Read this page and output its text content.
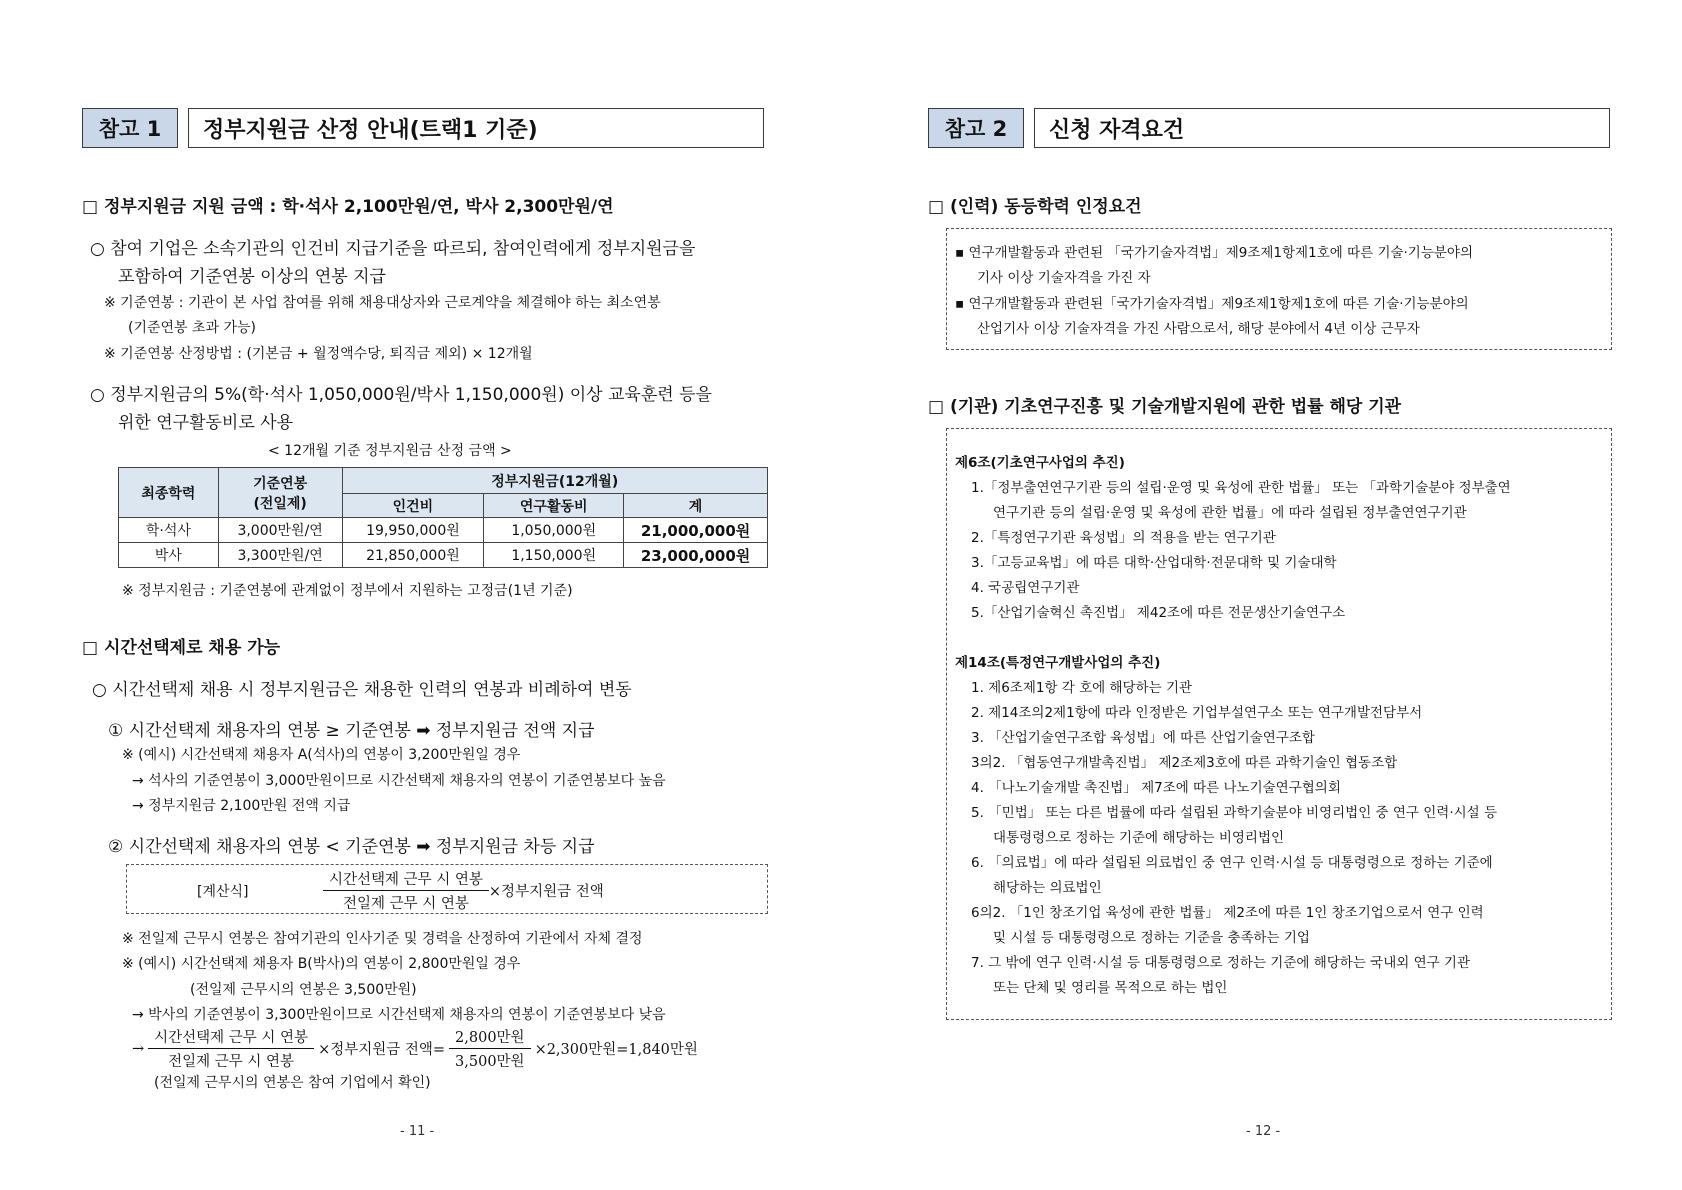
참고 1	정부지원금 산정 안내(트랙1 기준)
□ 정부지원금 지원 금액 : 학·석사 2,100만원/연, 박사 2,300만원/연
○ 참여 기업은 소속기관의 인건비 지급기준을 따르되, 참여인력에게 정부지원금을
포함하여 기준연봉 이상의 연봉 지급
※ 기준연봉 : 기관이 본 사업 참여를 위해 채용대상자와 근로계약을 체결해야 하는 최소연봉
(기준연봉 초과 가능)
※ 기준연봉 산정방법 : (기본금 + 월정액수당, 퇴직금 제외) × 12개월
○ 정부지원금의 5%(학·석사 1,050,000원/박사 1,150,000원) 이상 교육훈련 등을
위한 연구활동비로 사용
< 12개월 기준 정부지원금 산정 금액 >
최종학력	기준연봉
(전일제)	정부지원금(12개월)		
		인건비	연구활동비	계
학·석사	3,000만원/연	19,950,000원	1,050,000원	21,000,000원
박사	3,300만원/연	21,850,000원	1,150,000원	23,000,000원
※ 정부지원금 : 기준연봉에 관계없이 정부에서 지원하는 고정금(1년 기준)
□ 시간선택제로 채용 가능
○ 시간선택제 채용 시 정부지원금은 채용한 인력의 연봉과 비례하여 변동
① 시간선택제 채용자의 연봉 ≥ 기준연봉 ➡ 정부지원금 전액 지급
※ (예시) 시간선택제 채용자 A(석사)의 연봉이 3,200만원일 경우
→ 석사의 기준연봉이 3,000만원이므로 시간선택제 채용자의 연봉이 기준연봉보다 높음
→ 정부지원금 2,100만원 전액 지급
② 시간선택제 채용자의 연봉 < 기준연봉 ➡ 정부지원금 차등 지급
[계산식]	$\frac{\text{시간선택제 근무 시 연봉}}{\text{전일제 근무 시 연봉}}$ ×정부지원금 전액
※ 전일제 근무시 연봉은 참여기관의 인사기준 및 경력을 산정하여 기관에서 자체 결정
※ (예시) 시간선택제 채용자 B(박사)의 연봉이 2,800만원일 경우
(전일제 근무시의 연봉은 3,500만원)
→ 박사의 기준연봉이 3,300만원이므로 시간선택제 채용자의 연봉이 기준연봉보다 낮음
→ $\frac{\text{시간선택제 근무 시 연봉}}{\text{전일제 근무 시 연봉}}$ ×정부지원금 전액= $\frac{\text{2,800만원}}{\text{3,500만원}} \times 2,300$만원=1,840만원
(전일제 근무시의 연봉은 참여 기업에서 확인)
- 11 -
참고 2	신청 자격요건
□ (인력) 동등학력 인정요건
▪ 연구개발활동과 관련된 「국가기술자격법」제9조제1항제1호에 따른 기술·기능분야의
기사 이상 기술자격을 가진 자
▪ 연구개발활동과 관련된「국가기술자격법」제9조제1항제1호에 따른 기술·기능분야의
산업기사 이상 기술자격을 가진 사람으로서, 해당 분야에서 4년 이상 근무자
□ (기관) 기초연구진흥 및 기술개발지원에 관한 법률 해당 기관
제6조(기초연구사업의 추진)
1.「정부출연연구기관 등의 설립·운영 및 육성에 관한 법률」 또는 「과학기술분야 정부출연
연구기관 등의 설립·운영 및 육성에 관한 법률」에 따라 설립된 정부출연연구기관
2.「특정연구기관 육성법」의 적용을 받는 연구기관
3.「고등교육법」에 따른 대학·산업대학·전문대학 및 기술대학
4. 국공립연구기관
5.「산업기술혁신 촉진법」 제42조에 따른 전문생산기술연구소
제14조(특정연구개발사업의 추진)
1. 제6조제1항 각 호에 해당하는 기관
2. 제14조의2제1항에 따라 인정받은 기업부설연구소 또는 연구개발전담부서
3. 「산업기술연구조합 육성법」에 따른 산업기술연구조합
3의2. 「협동연구개발촉진법」 제2조제3호에 따른 과학기술인 협동조합
4. 「나노기술개발 촉진법」 제7조에 따른 나노기술연구협의회
5. 「민법」 또는 다른 법률에 따라 설립된 과학기술분야 비영리법인 중 연구 인력·시설 등
대통령령으로 정하는 기준에 해당하는 비영리법인
6. 「의료법」에 따라 설립된 의료법인 중 연구 인력·시설 등 대통령령으로 정하는 기준에
해당하는 의료법인
6의2. 「1인 창조기업 육성에 관한 법률」 제2조에 따른 1인 창조기업으로서 연구 인력
및 시설 등 대통령령으로 정하는 기준을 충족하는 기업
7. 그 밖에 연구 인력·시설 등 대통령령으로 정하는 기준에 해당하는 국내외 연구 기관
또는 단체 및 영리를 목적으로 하는 법인
- 12 -
